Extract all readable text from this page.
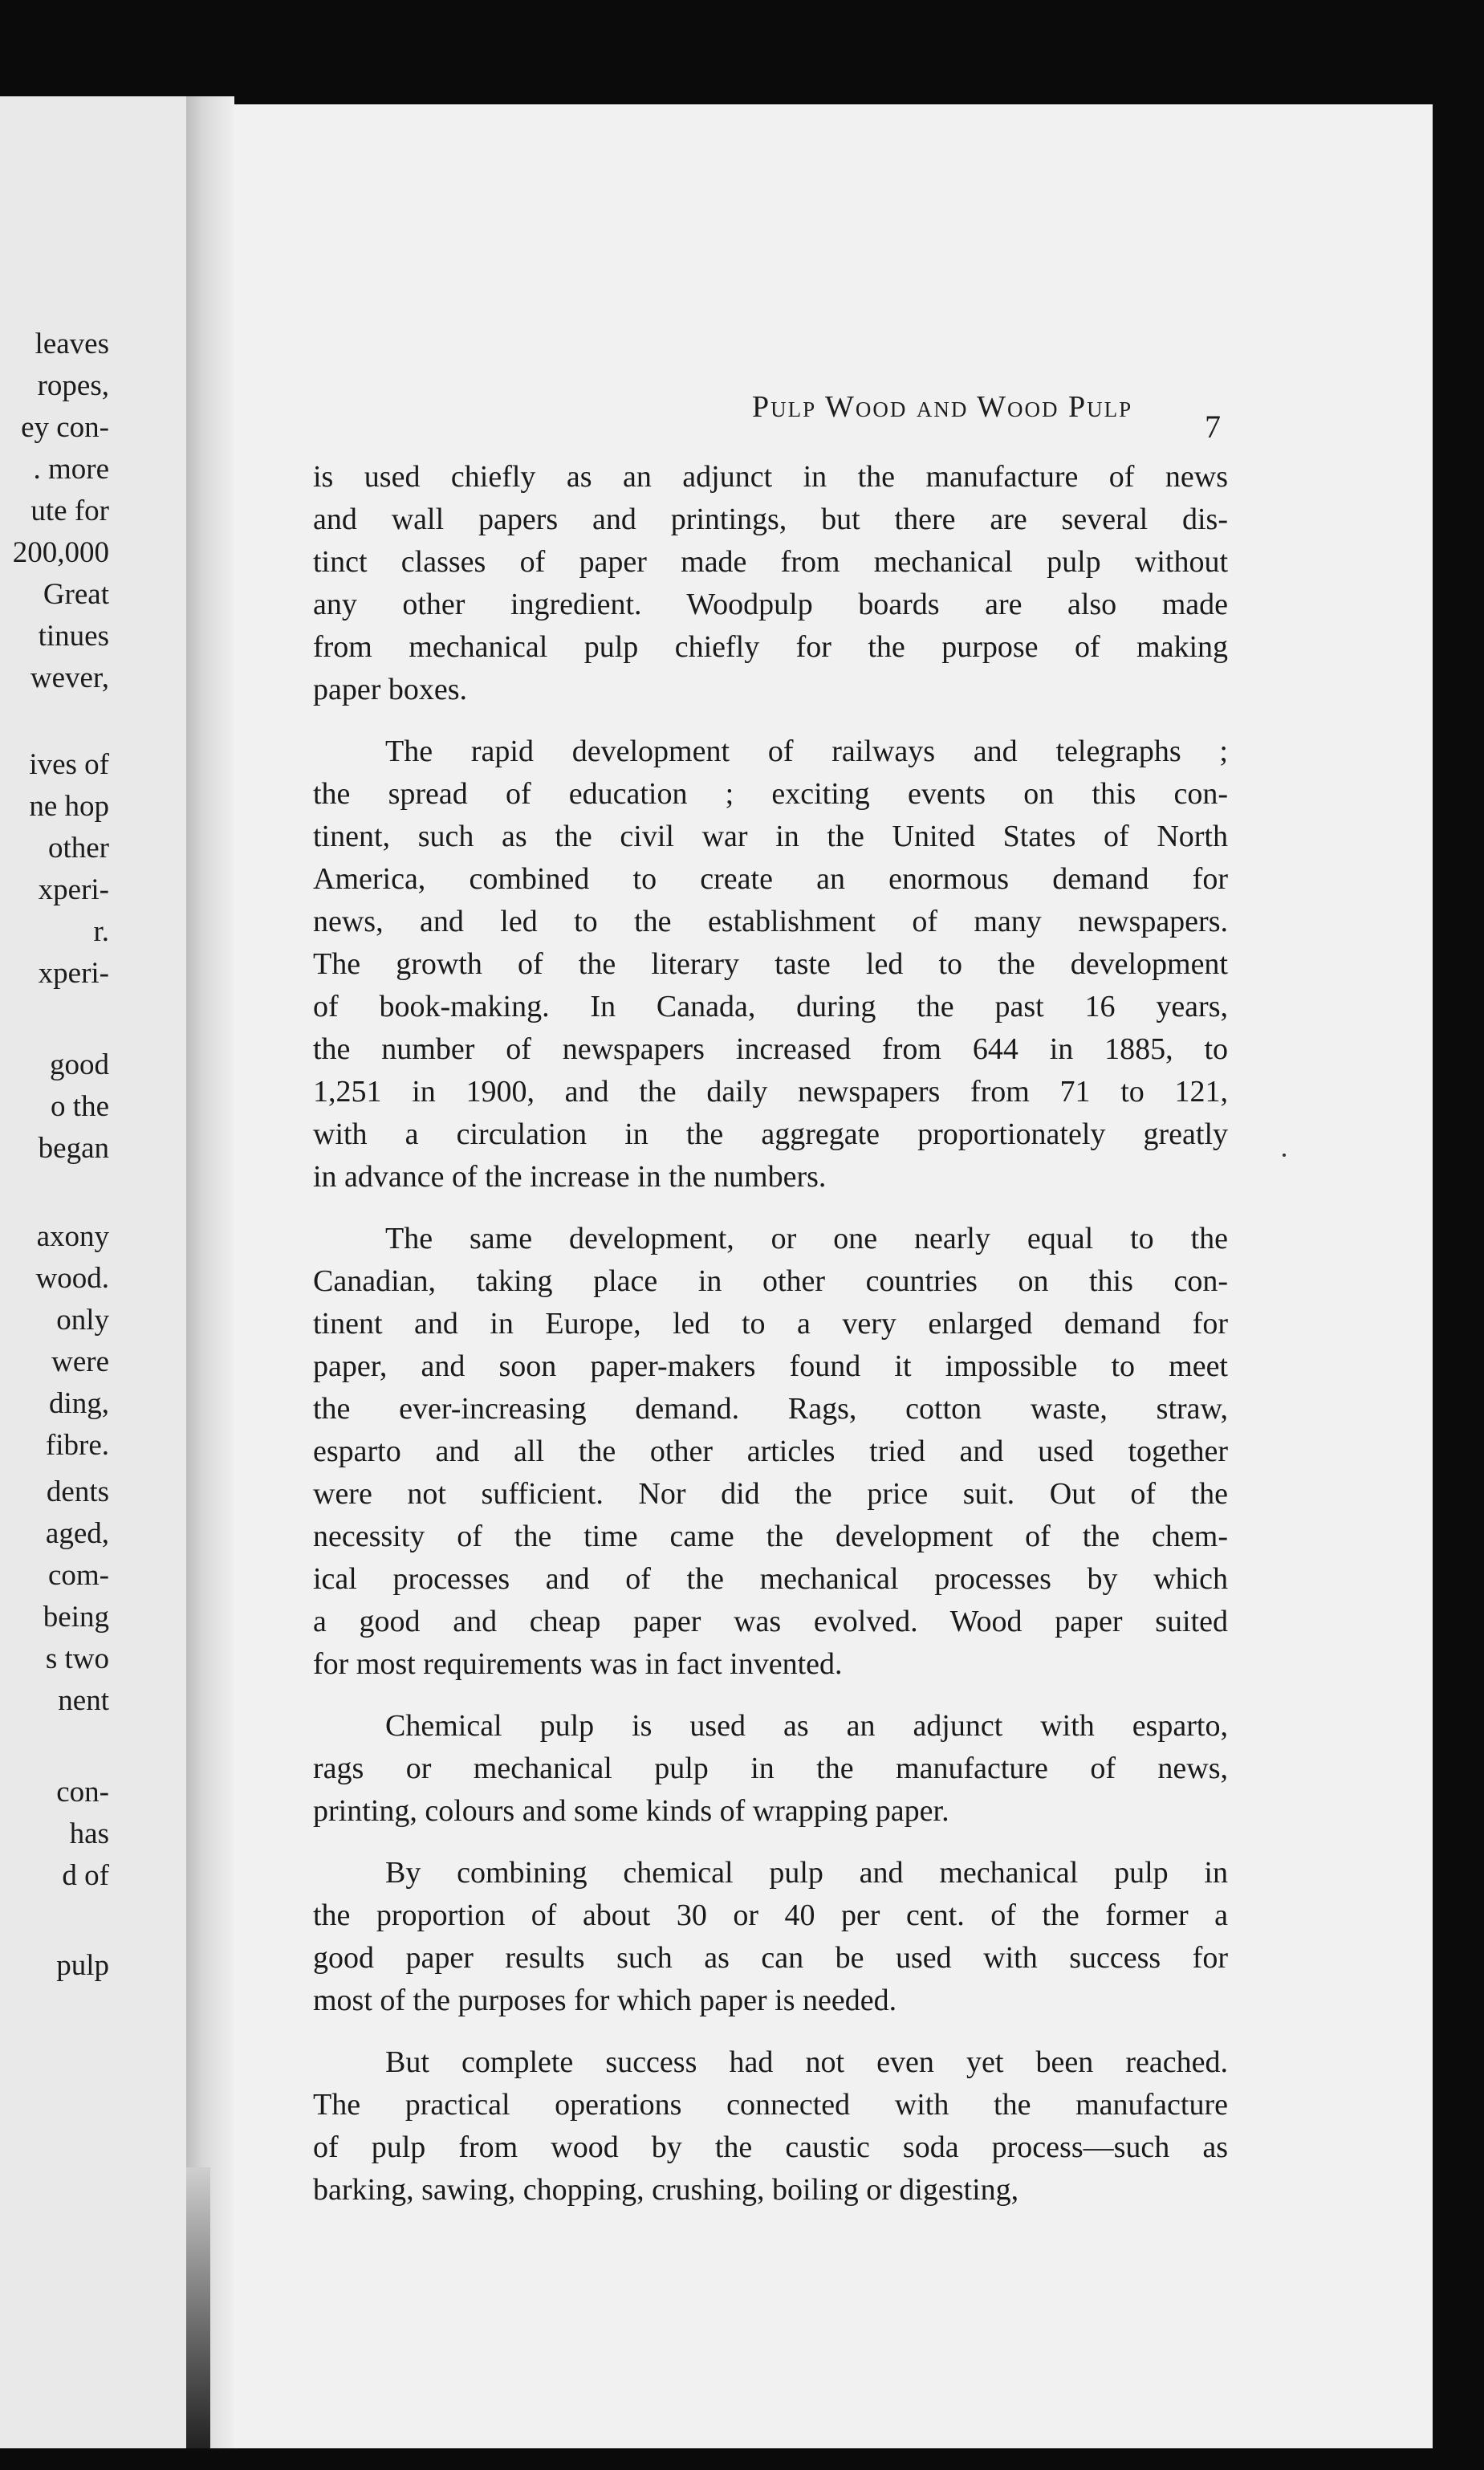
leaves
ropes,
ey con-
. more
ute for
200,000
Great
tinues
wever,
ives of
ne hop
other
xperi-
r.
xperi-
good
o the
began
axony
wood.
only
were
ding,
fibre.
dents
aged,
com-
being
s two
nent
con-
has
d of
pulp
Pulp Wood and Wood Pulp
7
is used chiefly as an adjunct in the manufacture of news
and wall papers and printings, but there are several dis-
tinct classes of paper made from mechanical pulp without
any other ingredient. Woodpulp boards are also made
from mechanical pulp chiefly for the purpose of making
paper boxes.
The rapid development of railways and telegraphs ;
the spread of education ; exciting events on this con-
tinent, such as the civil war in the United States of North
America, combined to create an enormous demand for
news, and led to the establishment of many newspapers.
The growth of the literary taste led to the development
of book-making. In Canada, during the past 16 years,
the number of newspapers increased from 644 in 1885, to
1,251 in 1900, and the daily newspapers from 71 to 121,
with a circulation in the aggregate proportionately greatly
in advance of the increase in the numbers.
The same development, or one nearly equal to the
Canadian, taking place in other countries on this con-
tinent and in Europe, led to a very enlarged demand for
paper, and soon paper-makers found it impossible to meet
the ever-increasing demand. Rags, cotton waste, straw,
esparto and all the other articles tried and used together
were not sufficient. Nor did the price suit. Out of the
necessity of the time came the development of the chem-
ical processes and of the mechanical processes by which
a good and cheap paper was evolved. Wood paper suited
for most requirements was in fact invented.
Chemical pulp is used as an adjunct with esparto,
rags or mechanical pulp in the manufacture of news,
printing, colours and some kinds of wrapping paper.
By combining chemical pulp and mechanical pulp in
the proportion of about 30 or 40 per cent. of the former a
good paper results such as can be used with success for
most of the purposes for which paper is needed.
But complete success had not even yet been reached.
The practical operations connected with the manufacture
of pulp from wood by the caustic soda process—such as
barking, sawing, chopping, crushing, boiling or digesting,
